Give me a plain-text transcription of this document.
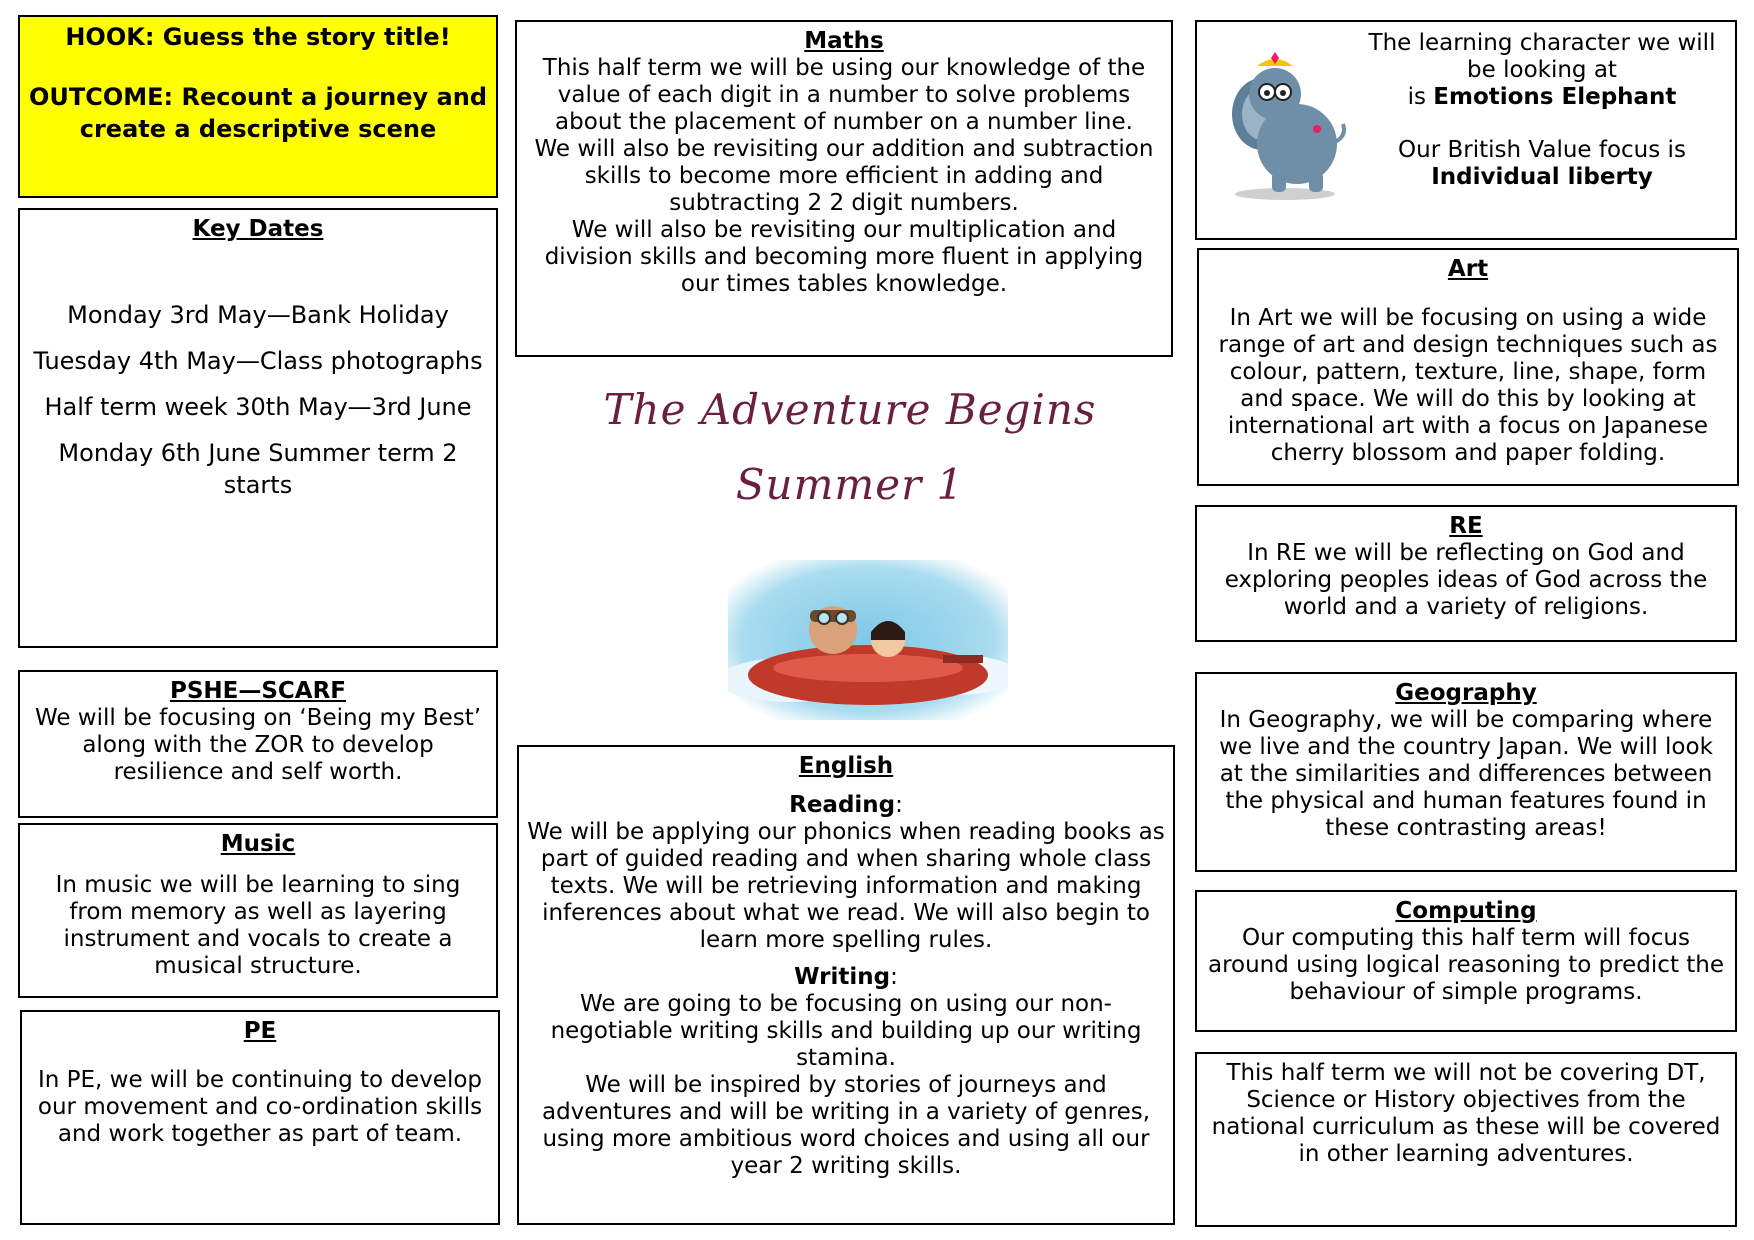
HOOK: Guess the story title!
OUTCOME: Recount a journey and create a descriptive scene
Key Dates

Monday 3rd May—Bank Holiday

Tuesday 4th May—Class photographs

Half term week 30th May—3rd June

Monday 6th June Summer term 2 starts

PSHE—SCARF
We will be focusing on ‘Being my Best’ along with the ZOR to develop resilience and self worth.
Music
In music we will be learning to sing from memory as well as layering instrument and vocals to create a musical structure.
PE
In PE, we will be continuing to develop our movement and co-ordination skills and work together as part of team.
Maths
This half term we will be using our knowledge of the value of each digit in a number to solve problems about the placement of number on a number line.
We will also be revisiting our addition and subtraction skills to become more efficient in adding and subtracting 2 2 digit numbers.
We will also be revisiting our multiplication and division skills and becoming more fluent in applying our times tables knowledge.
The Adventure Begins
Summer 1
English
Reading:
We will be applying our phonics when reading books as part of guided reading and when sharing whole class texts. We will be retrieving information and making inferences about what we read. We will also begin to learn more spelling rules.
Writing:
We are going to be focusing on using our non-negotiable writing skills and building up our writing stamina.
We will be inspired by stories of journeys and adventures and will be writing in a variety of genres, using more ambitious word choices and using all our year 2 writing skills.
The learning character we will be looking at
is Emotions Elephant
Our British Value focus is
Individual liberty
Art
In Art we will be focusing on using a wide range of art and design techniques such as colour, pattern, texture, line, shape, form and space. We will do this by looking at international art with a focus on Japanese cherry blossom and paper folding.
RE
In RE we will be reflecting on God and exploring peoples ideas of God across the world and a variety of religions.
Geography
In Geography, we will be comparing where we live and the country Japan. We will look at the similarities and differences between the physical and human features found in these contrasting areas!
Computing
Our computing this half term will focus around using logical reasoning to predict the behaviour of simple programs.
This half term we will not be covering DT, Science or History objectives from the national curriculum as these will be covered in other learning adventures.
